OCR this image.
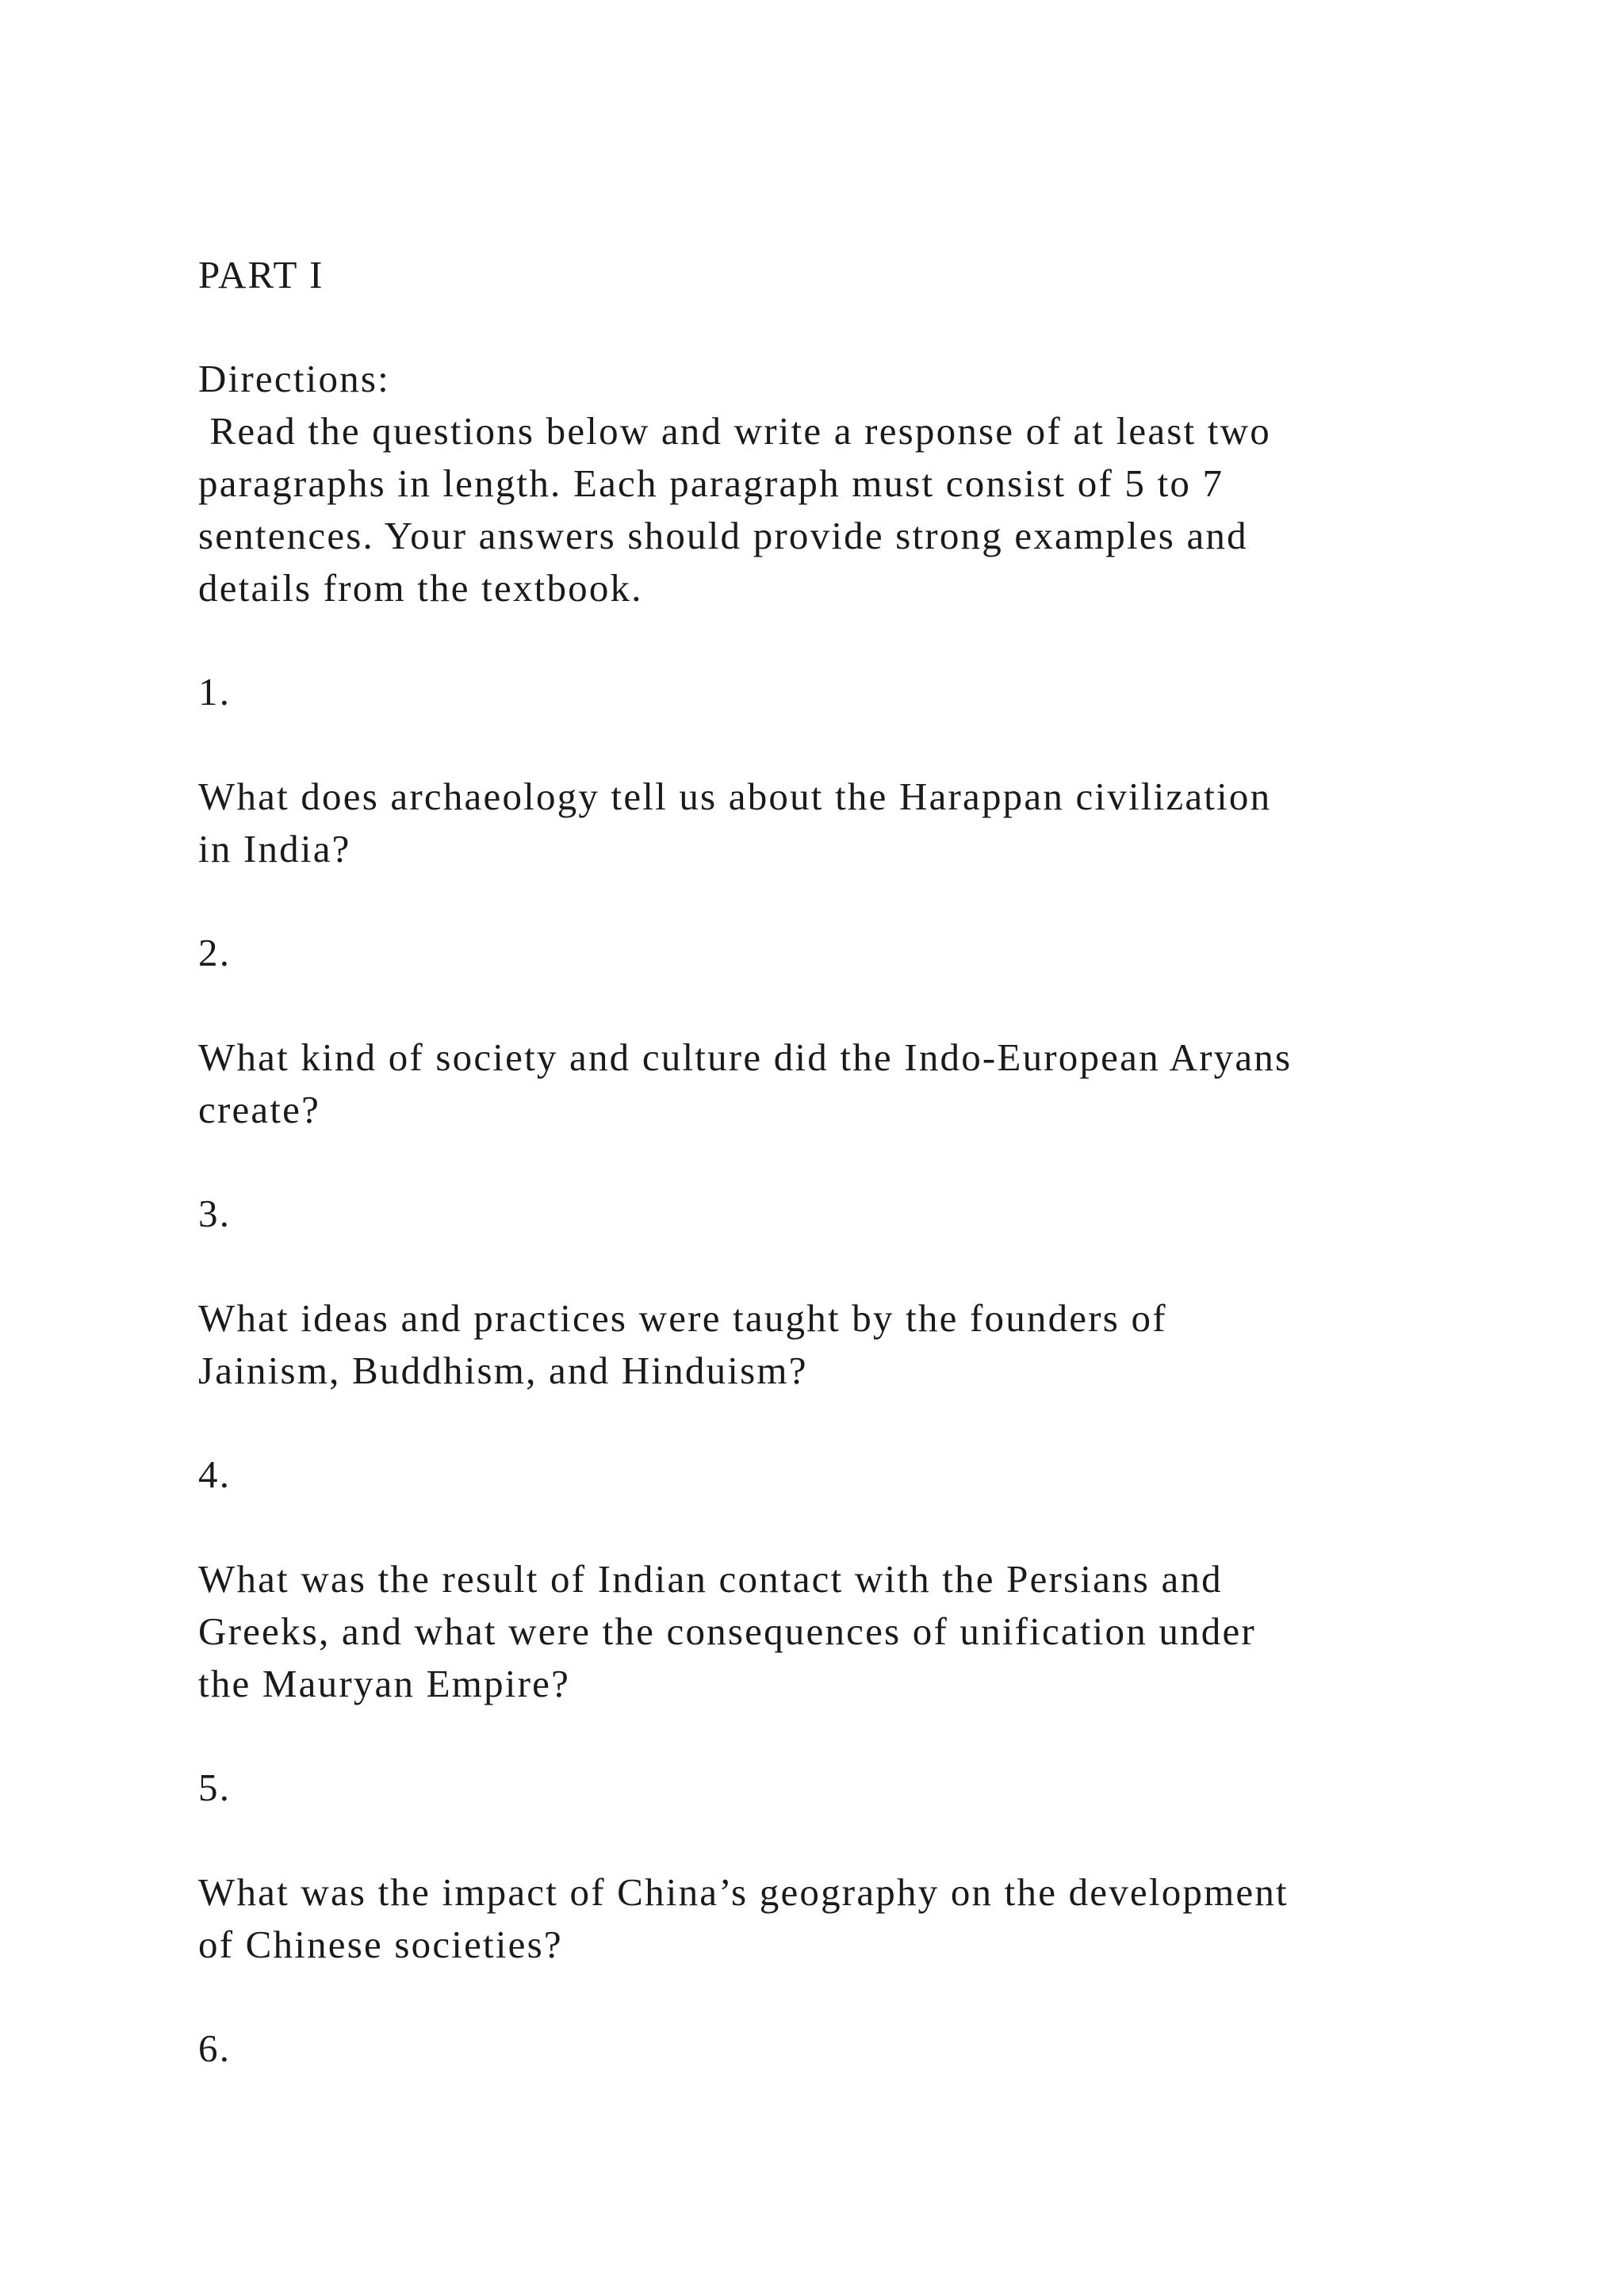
PART I
Directions:
Read the questions below and write a response of at least two
paragraphs in length. Each paragraph must consist of 5 to 7
sentences. Your answers should provide strong examples and
details from the textbook.
1.
What does archaeology tell us about the Harappan civilization
in India?
2.
What kind of society and culture did the Indo-European Aryans
create?
3.
What ideas and practices were taught by the founders of
Jainism, Buddhism, and Hinduism?
4.
What was the result of Indian contact with the Persians and
Greeks, and what were the consequences of unification under
the Mauryan Empire?
5.
What was the impact of China’s geography on the development
of Chinese societies?
6.
